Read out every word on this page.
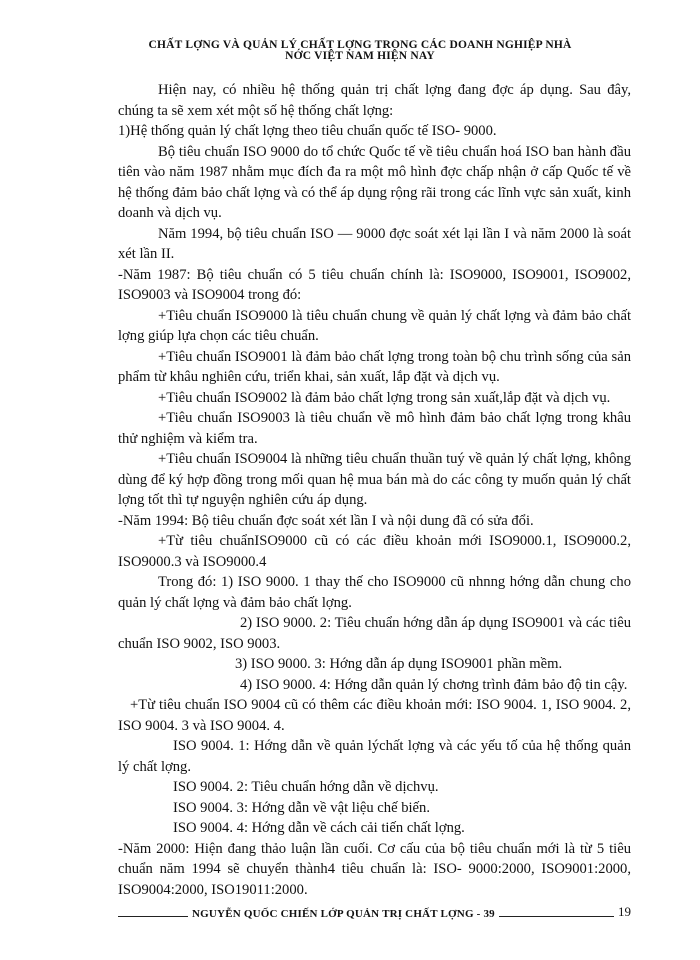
CHẤT LỢNG VÀ QUẢN LÝ CHẤT LỢNG TRONG CÁC DOANH NGHIỆP NHÀ
NỚC VIỆT NAM HIỆN NAY

Hiện nay, có nhiều hệ thống quản trị chất lợng đang đợc áp dụng. Sau đây, chúng ta sẽ xem xét một số hệ thống chất lợng:

1)Hệ thống quản lý chất lợng theo tiêu chuẩn quốc tế ISO- 9000.

Bộ tiêu chuẩn ISO 9000 do tổ chức Quốc tế về tiêu chuẩn hoá ISO ban hành đầu tiên vào năm 1987 nhằm mục đích đa ra một mô hình đợc chấp nhận ở cấp Quốc tế về hệ thống đảm bảo chất lợng và có thể áp dụng rộng rãi trong các lĩnh vực sản xuất, kinh doanh và dịch vụ.

Năm 1994, bộ tiêu chuẩn ISO — 9000 đợc soát xét lại lần I và năm 2000 là soát xét lần II.

-Năm 1987: Bộ tiêu chuẩn có 5 tiêu chuẩn chính là: ISO9000, ISO9001, ISO9002, ISO9003 và ISO9004 trong đó:

+Tiêu chuẩn ISO9000 là tiêu chuẩn chung về quản lý chất lợng và đảm bảo chất lợng giúp lựa chọn các tiêu chuẩn.

+Tiêu chuẩn ISO9001 là đảm bảo chất lợng trong toàn bộ chu trình sống của sản phẩm từ khâu nghiên cứu, triển khai, sản xuất, lắp đặt và dịch vụ.

+Tiêu chuẩn ISO9002 là đảm bảo chất lợng trong sản xuất,lắp đặt và dịch vụ.

+Tiêu chuẩn ISO9003 là tiêu chuẩn về mô hình đảm bảo chất lợng trong khâu thử nghiệm và kiểm tra.

+Tiêu chuẩn ISO9004 là những tiêu chuẩn thuần tuý về quản lý chất lợng, không dùng để ký hợp đồng trong mối quan hệ mua bán mà do các công ty muốn quản lý chất lợng tốt thì tự nguyện nghiên cứu áp dụng.

-Năm 1994: Bộ tiêu chuẩn đợc soát xét lần I và nội dung đã có sửa đổi.

+Từ tiêu chuẩnISO9000 cũ có các điều khoản mới ISO9000.1, ISO9000.2, ISO9000.3 và ISO9000.4

Trong đó: 1) ISO 9000. 1 thay thế cho ISO9000 cũ nhnng hớng dẫn chung cho quản lý chất lợng và đảm bảo chất lợng.

2) ISO 9000. 2: Tiêu chuẩn hớng dẫn áp dụng ISO9001 và các tiêu chuẩn ISO 9002, ISO 9003.

3) ISO 9000. 3: Hớng dẫn áp dụng ISO9001 phần mềm.

4) ISO 9000. 4: Hớng dẫn quản lý chơng trình đảm bảo độ tin cậy.

+Từ tiêu chuẩn ISO 9004 cũ có thêm các điều khoản mới: ISO 9004. 1, ISO 9004. 2, ISO 9004. 3 và ISO 9004. 4.

ISO 9004. 1: Hớng dẫn về quản lýchất lợng và các yếu tố của hệ thống quản lý chất lợng.

ISO 9004. 2: Tiêu chuẩn hớng dẫn về dịchvụ.

ISO 9004. 3: Hớng dẫn về vật liệu chế biến.

ISO 9004. 4: Hớng dẫn về cách cải tiến chất lợng.

-Năm 2000: Hiện đang thảo luận lần cuối. Cơ cấu của bộ tiêu chuẩn mới là từ 5 tiêu chuẩn năm 1994 sẽ chuyển thành4 tiêu chuẩn là: ISO- 9000:2000, ISO9001:2000, ISO9004:2000, ISO19011:2000.

NGUYỄN QUỐC CHIẾN LỚP QUẢN TRỊ CHẤT LỢNG - 39	19
